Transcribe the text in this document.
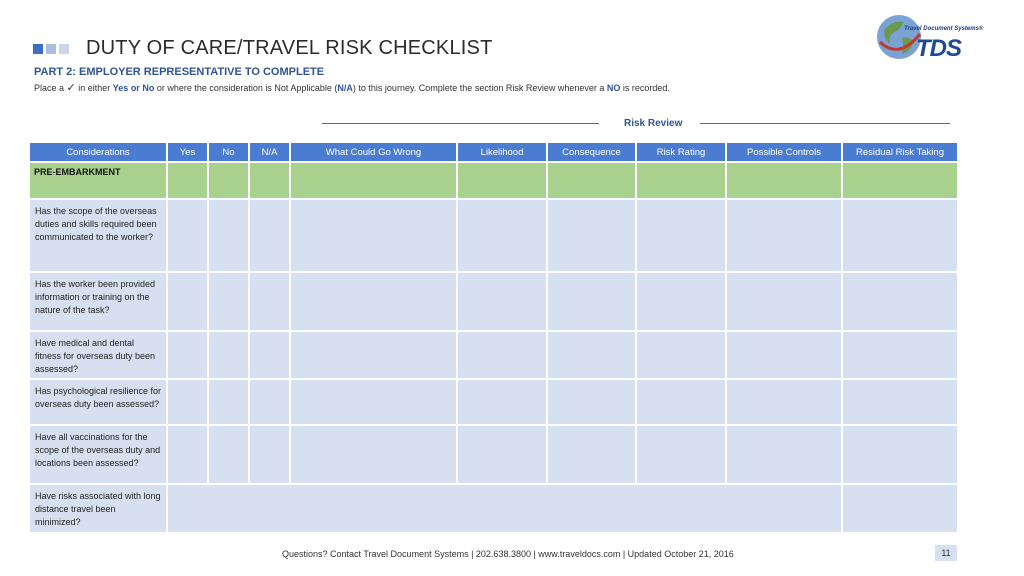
DUTY OF CARE/TRAVEL RISK CHECKLIST
PART 2: EMPLOYER REPRESENTATIVE TO COMPLETE
Place a ✓ in either Yes or No or where the consideration is Not Applicable (N/A) to this journey. Complete the section Risk Review whenever a NO is recorded.
Travel Document Systems®
TDS
Risk Review
Considerations	Yes	No	N/A	What Could Go Wrong	Likelihood	Consequence	Risk Rating	Possible Controls	Residual Risk Taking
PRE-EMBARKMENT									
Has the scope of the overseas duties and skills required been communicated to the worker?									
Has the worker been provided information or training on the nature of the task?									
Have medical and dental fitness for overseas duty been assessed?									
Has psychological resilience for overseas duty been assessed?									
Have all vaccinations for the scope of the overseas duty and locations been assessed?									
Have risks associated with long distance travel been minimized?									
Questions? Contact Travel Document Systems | 202.638.3800 | www.traveldocs.com | Updated October 21, 2016	11
